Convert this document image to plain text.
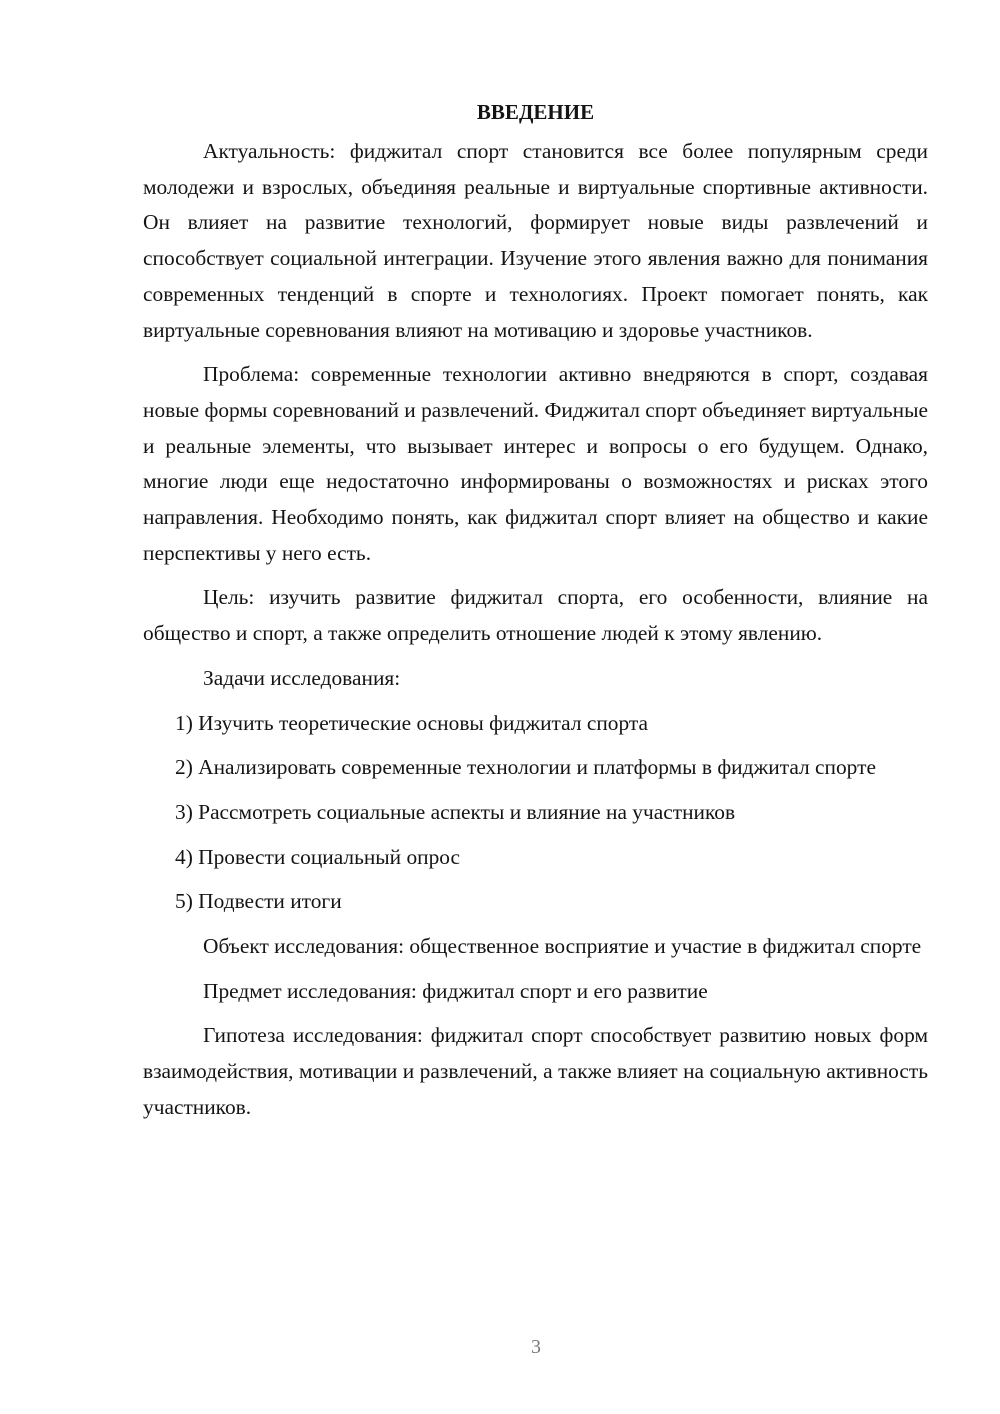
ВВЕДЕНИЕ

Актуальность: фиджитал спорт становится все более популярным среди молодежи и взрослых, объединяя реальные и виртуальные спортивные активности. Он влияет на развитие технологий, формирует новые виды развлечений и способствует социальной интеграции. Изучение этого явления важно для понимания современных тенденций в спорте и технологиях. Проект помогает понять, как виртуальные соревнования влияют на мотивацию и здоровье участников.

Проблема: современные технологии активно внедряются в спорт, создавая новые формы соревнований и развлечений. Фиджитал спорт объединяет виртуальные и реальные элементы, что вызывает интерес и вопросы о его будущем. Однако, многие люди еще недостаточно информированы о возможностях и рисках этого направления. Необходимо понять, как фиджитал спорт влияет на общество и какие перспективы у него есть.

Цель: изучить развитие фиджитал спорта, его особенности, влияние на общество и спорт, а также определить отношение людей к этому явлению.

Задачи исследования:

1) Изучить теоретические основы фиджитал спорта

2) Анализировать современные технологии и платформы в фиджитал спорте

3) Рассмотреть социальные аспекты и влияние на участников

4) Провести социальный опрос

5) Подвести итоги

Объект исследования: общественное восприятие и участие в фиджитал спорте

Предмет исследования: фиджитал спорт и его развитие

Гипотеза исследования: фиджитал спорт способствует развитию новых форм взаимодействия, мотивации и развлечений, а также влияет на социальную активность участников.

3
